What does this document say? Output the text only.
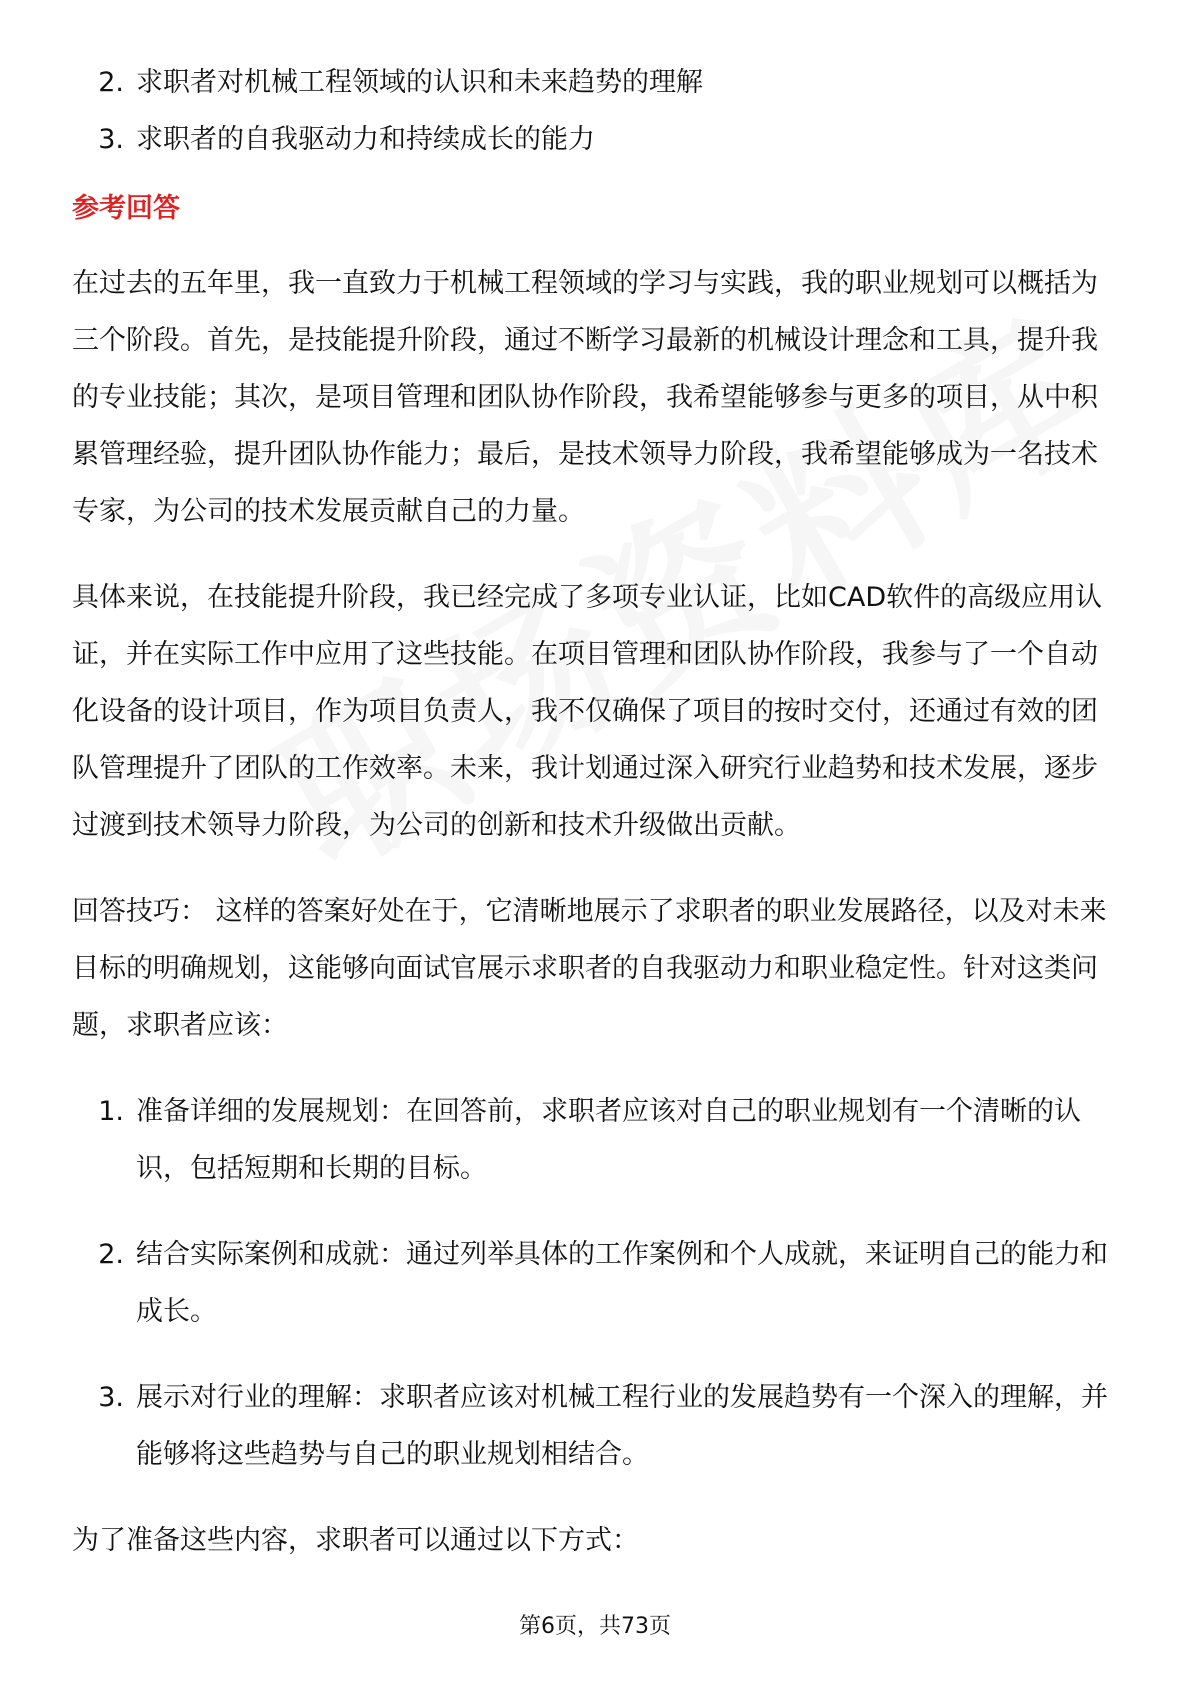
2. 求职者对机械工程领域的认识和未来趋势的理解
3. 求职者的自我驱动力和持续成长的能力
参考回答

在过去的五年里，我一直致力于机械工程领域的学习与实践，我的职业规划可以概括为三个阶段。首先，是技能提升阶段，通过不断学习最新的机械设计理念和工具，提升我的专业技能；其次，是项目管理和团队协作阶段，我希望能够参与更多的项目，从中积累管理经验，提升团队协作能力；最后，是技术领导力阶段，我希望能够成为一名技术专家，为公司的技术发展贡献自己的力量。

具体来说，在技能提升阶段，我已经完成了多项专业认证，比如CAD软件的高级应用认证，并在实际工作中应用了这些技能。在项目管理和团队协作阶段，我参与了一个自动化设备的设计项目，作为项目负责人，我不仅确保了项目的按时交付，还通过有效的团队管理提升了团队的工作效率。未来，我计划通过深入研究行业趋势和技术发展，逐步过渡到技术领导力阶段，为公司的创新和技术升级做出贡献。

回答技巧： 这样的答案好处在于，它清晰地展示了求职者的职业发展路径，以及对未来目标的明确规划，这能够向面试官展示求职者的自我驱动力和职业稳定性。针对这类问题，求职者应该：

1. 准备详细的发展规划：在回答前，求职者应该对自己的职业规划有一个清晰的认识，包括短期和长期的目标。
2. 结合实际案例和成就：通过列举具体的工作案例和个人成就，来证明自己的能力和成长。
3. 展示对行业的理解：求职者应该对机械工程行业的发展趋势有一个深入的理解，并能够将这些趋势与自己的职业规划相结合。

为了准备这些内容，求职者可以通过以下方式：

第6页，共73页
